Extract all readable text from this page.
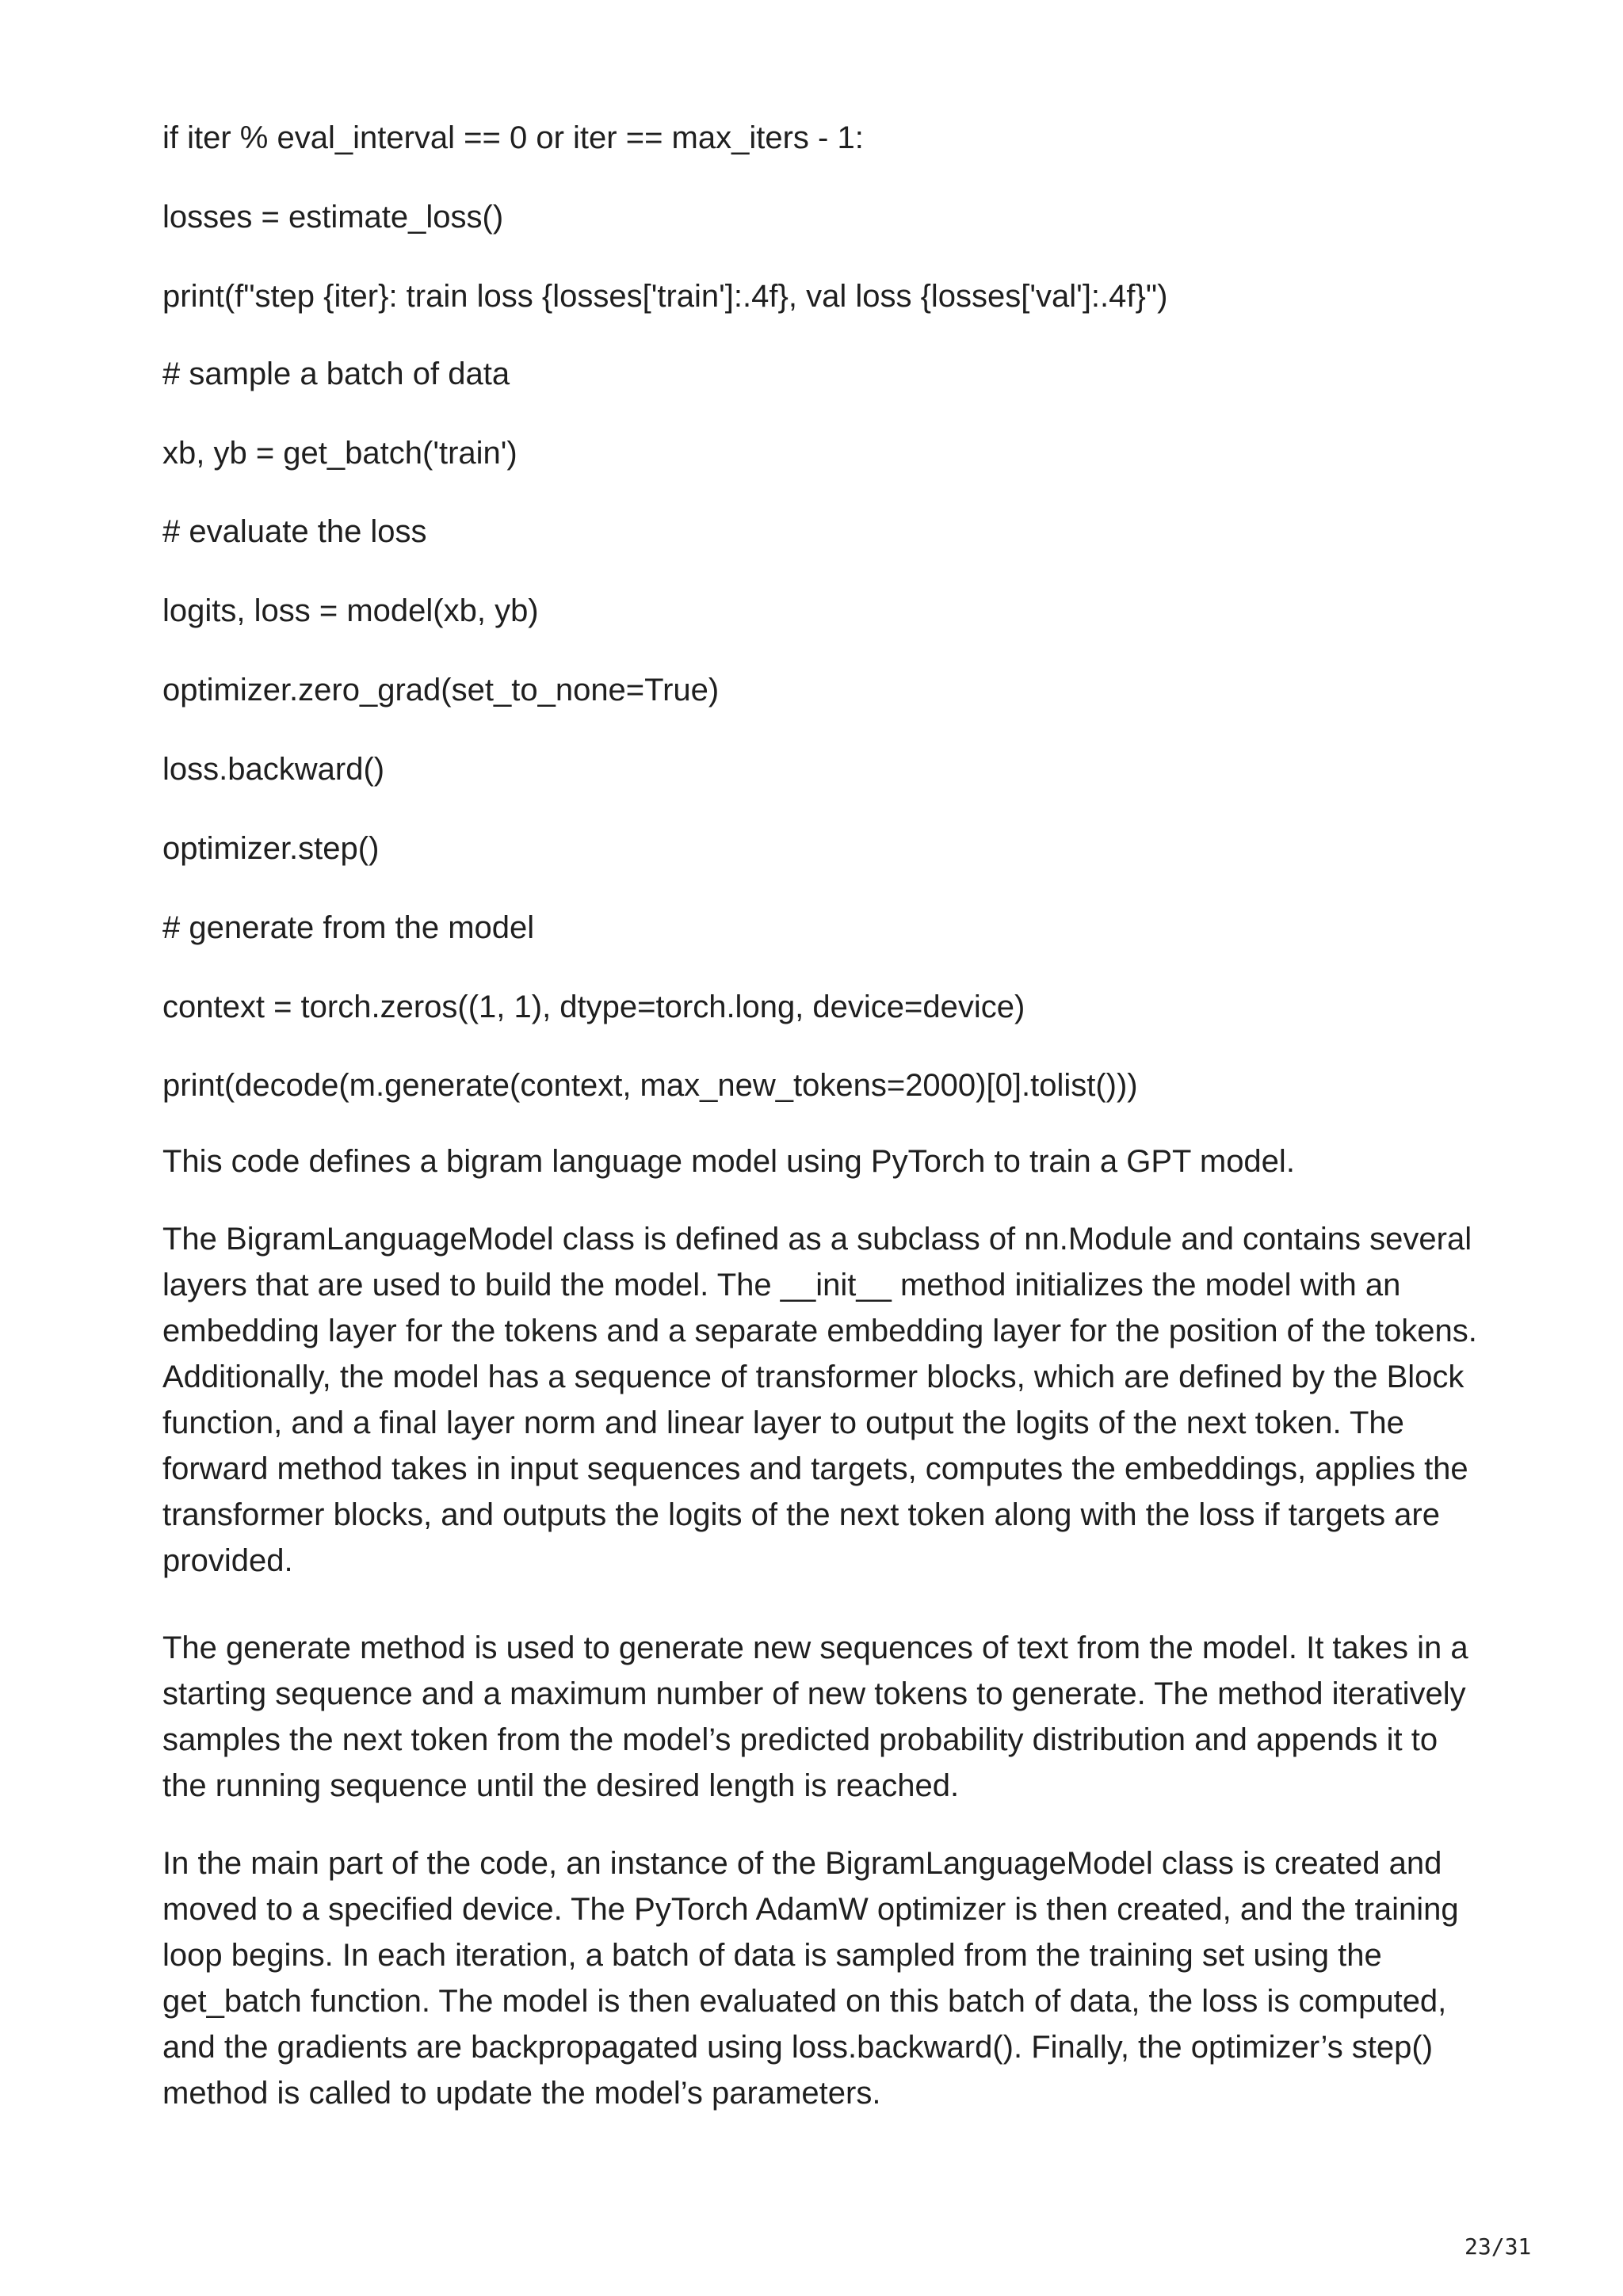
if iter % eval_interval == 0 or iter == max_iters - 1:
losses = estimate_loss()
print(f"step {iter}: train loss {losses['train']:.4f}, val loss {losses['val']:.4f}")
# sample a batch of data
xb, yb = get_batch('train')
# evaluate the loss
logits, loss = model(xb, yb)
optimizer.zero_grad(set_to_none=True)
loss.backward()
optimizer.step()
# generate from the model
context = torch.zeros((1, 1), dtype=torch.long, device=device)
print(decode(m.generate(context, max_new_tokens=2000)[0].tolist()))

This code defines a bigram language model using PyTorch to train a GPT model.

The BigramLanguageModel class is defined as a subclass of nn.Module and contains several layers that are used to build the model. The __init__ method initializes the model with an embedding layer for the tokens and a separate embedding layer for the position of the tokens. Additionally, the model has a sequence of transformer blocks, which are defined by the Block function, and a final layer norm and linear layer to output the logits of the next token. The forward method takes in input sequences and targets, computes the embeddings, applies the transformer blocks, and outputs the logits of the next token along with the loss if targets are provided.

The generate method is used to generate new sequences of text from the model. It takes in a starting sequence and a maximum number of new tokens to generate. The method iteratively samples the next token from the model’s predicted probability distribution and appends it to the running sequence until the desired length is reached.

In the main part of the code, an instance of the BigramLanguageModel class is created and moved to a specified device. The PyTorch AdamW optimizer is then created, and the training loop begins. In each iteration, a batch of data is sampled from the training set using the get_batch function. The model is then evaluated on this batch of data, the loss is computed, and the gradients are backpropagated using loss.backward(). Finally, the optimizer’s step() method is called to update the model’s parameters.

23/31
